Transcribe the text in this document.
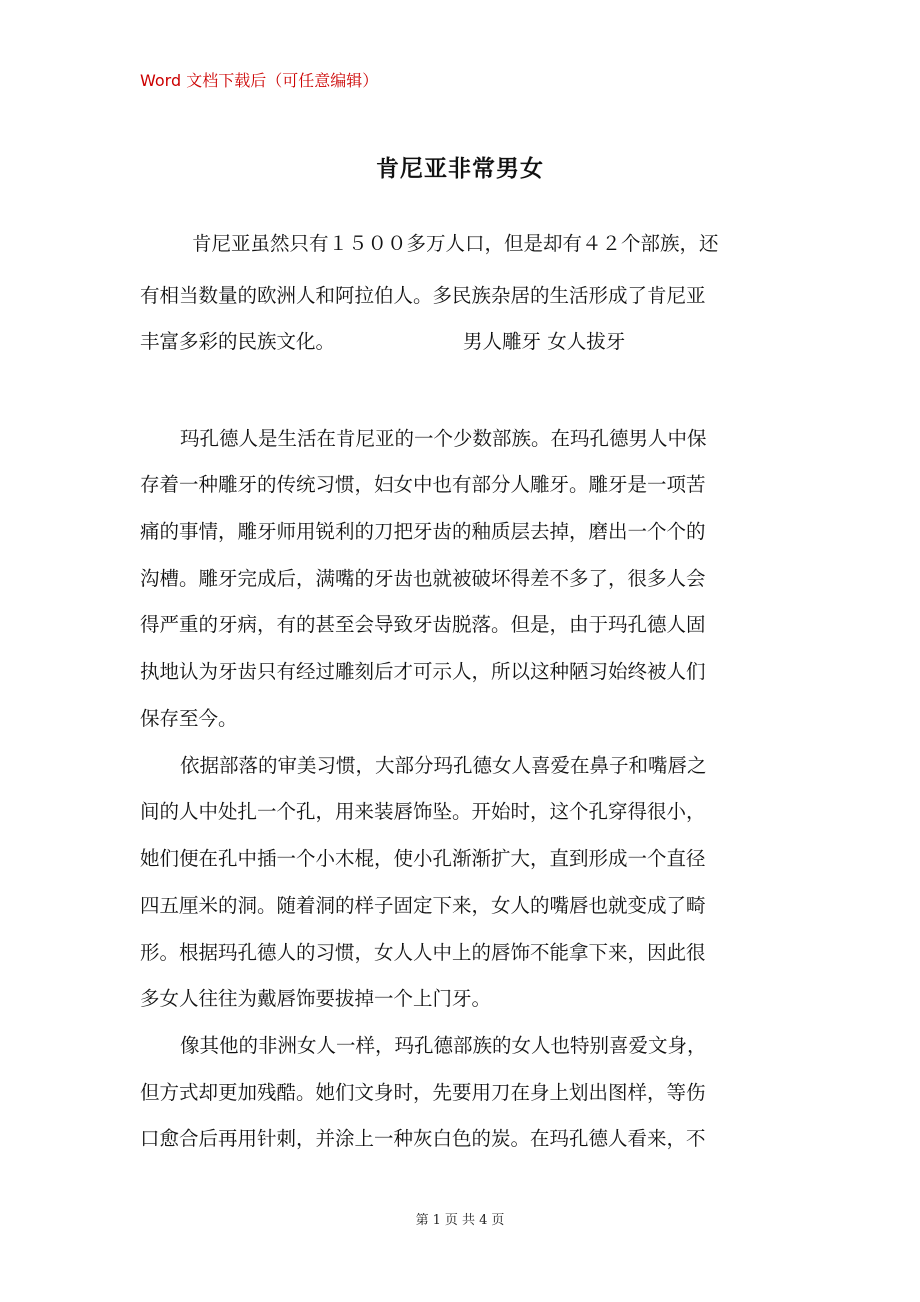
Word 文档下载后（可任意编辑）
肯尼亚非常男女
肯尼亚虽然只有１５００多万人口，但是却有４２个部族，还
有相当数量的欧洲人和阿拉伯人。多民族杂居的生活形成了肯尼亚
丰富多彩的民族文化。	男人雕牙 女人拔牙
玛孔德人是生活在肯尼亚的一个少数部族。在玛孔德男人中保
存着一种雕牙的传统习惯，妇女中也有部分人雕牙。雕牙是一项苦
痛的事情，雕牙师用锐利的刀把牙齿的釉质层去掉，磨出一个个的
沟槽。雕牙完成后，满嘴的牙齿也就被破坏得差不多了，很多人会
得严重的牙病，有的甚至会导致牙齿脱落。但是，由于玛孔德人固
执地认为牙齿只有经过雕刻后才可示人，所以这种陋习始终被人们
保存至今。
依据部落的审美习惯，大部分玛孔德女人喜爱在鼻子和嘴唇之
间的人中处扎一个孔，用来装唇饰坠。开始时，这个孔穿得很小，
她们便在孔中插一个小木棍，使小孔渐渐扩大，直到形成一个直径
四五厘米的洞。随着洞的样子固定下来，女人的嘴唇也就变成了畸
形。根据玛孔德人的习惯，女人人中上的唇饰不能拿下来，因此很
多女人往往为戴唇饰要拔掉一个上门牙。
像其他的非洲女人一样，玛孔德部族的女人也特别喜爱文身，
但方式却更加残酷。她们文身时，先要用刀在身上划出图样，等伤
口愈合后再用针刺，并涂上一种灰白色的炭。在玛孔德人看来，不
第 1 页 共 4 页
